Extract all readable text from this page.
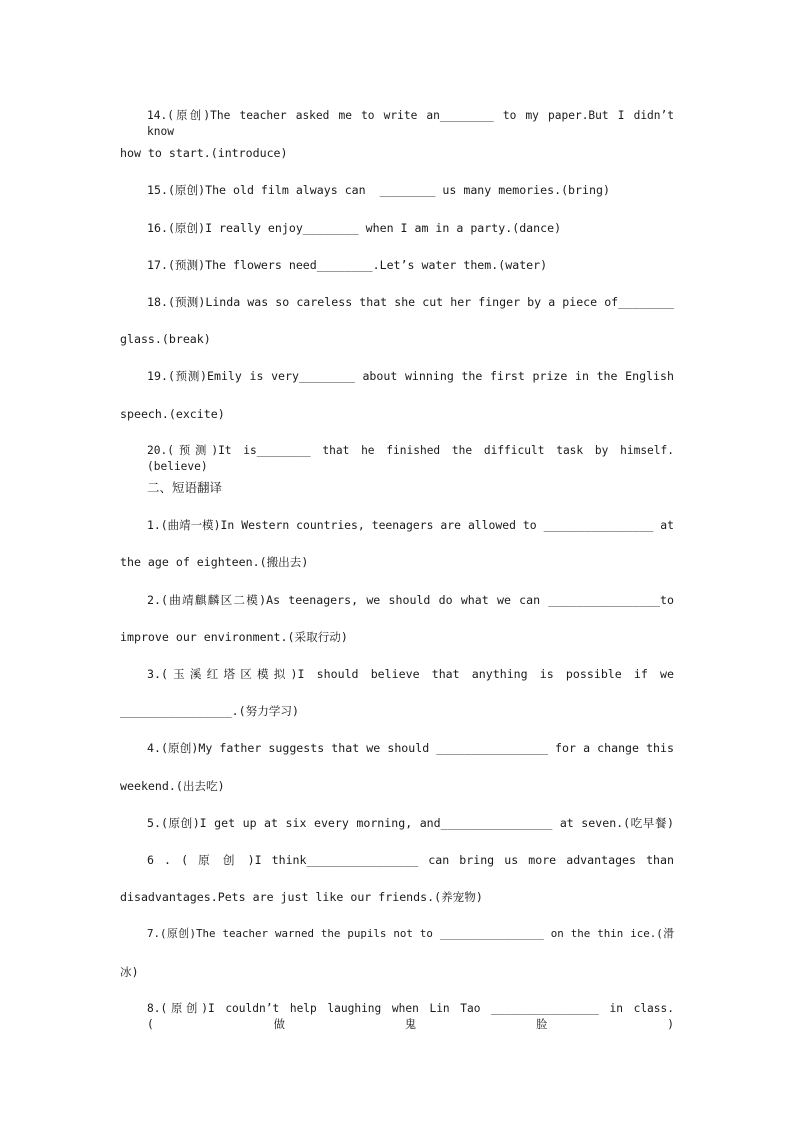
14.(原创)The teacher asked me to write an________ to my paper.But I didn’t know
how to start.(introduce)
15.(原创)The old film always can  ________ us many memories.(bring)
16.(原创)I really enjoy________ when I am in a party.(dance)
17.(预测)The flowers need________.Let’s water them.(water)
18.(预测)Linda was so careless that she cut her finger by a piece of________
glass.(break)
19.(预测)Emily is very________ about winning the first prize in the English
speech.(excite)
20.(预测)It is________ that he finished the difficult task by himself.(believe)
二、短语翻译
1.(曲靖一模)In Western countries, teenagers are allowed to ________________ at
the age of eighteen.(搬出去)
2.(曲靖麒麟区二模)As teenagers, we should do what we can ________________to
improve our environment.(采取行动)
3.(玉溪红塔区模拟)I should believe that anything is possible if we
________________.(努力学习)
4.(原创)My father suggests that we should ________________ for a change this
weekend.(出去吃)
5.(原创)I get up at six every morning, and________________ at seven.(吃早餐)
6 . ( 原 创 )I think________________ can bring us more advantages than
disadvantages.Pets are just like our friends.(养宠物)
7.(原创)The teacher warned the pupils not to ________________ on the thin ice.(滑
冰)
8.(原创)I couldn’t help laughing when Lin Tao ________________ in class.(做鬼脸)
